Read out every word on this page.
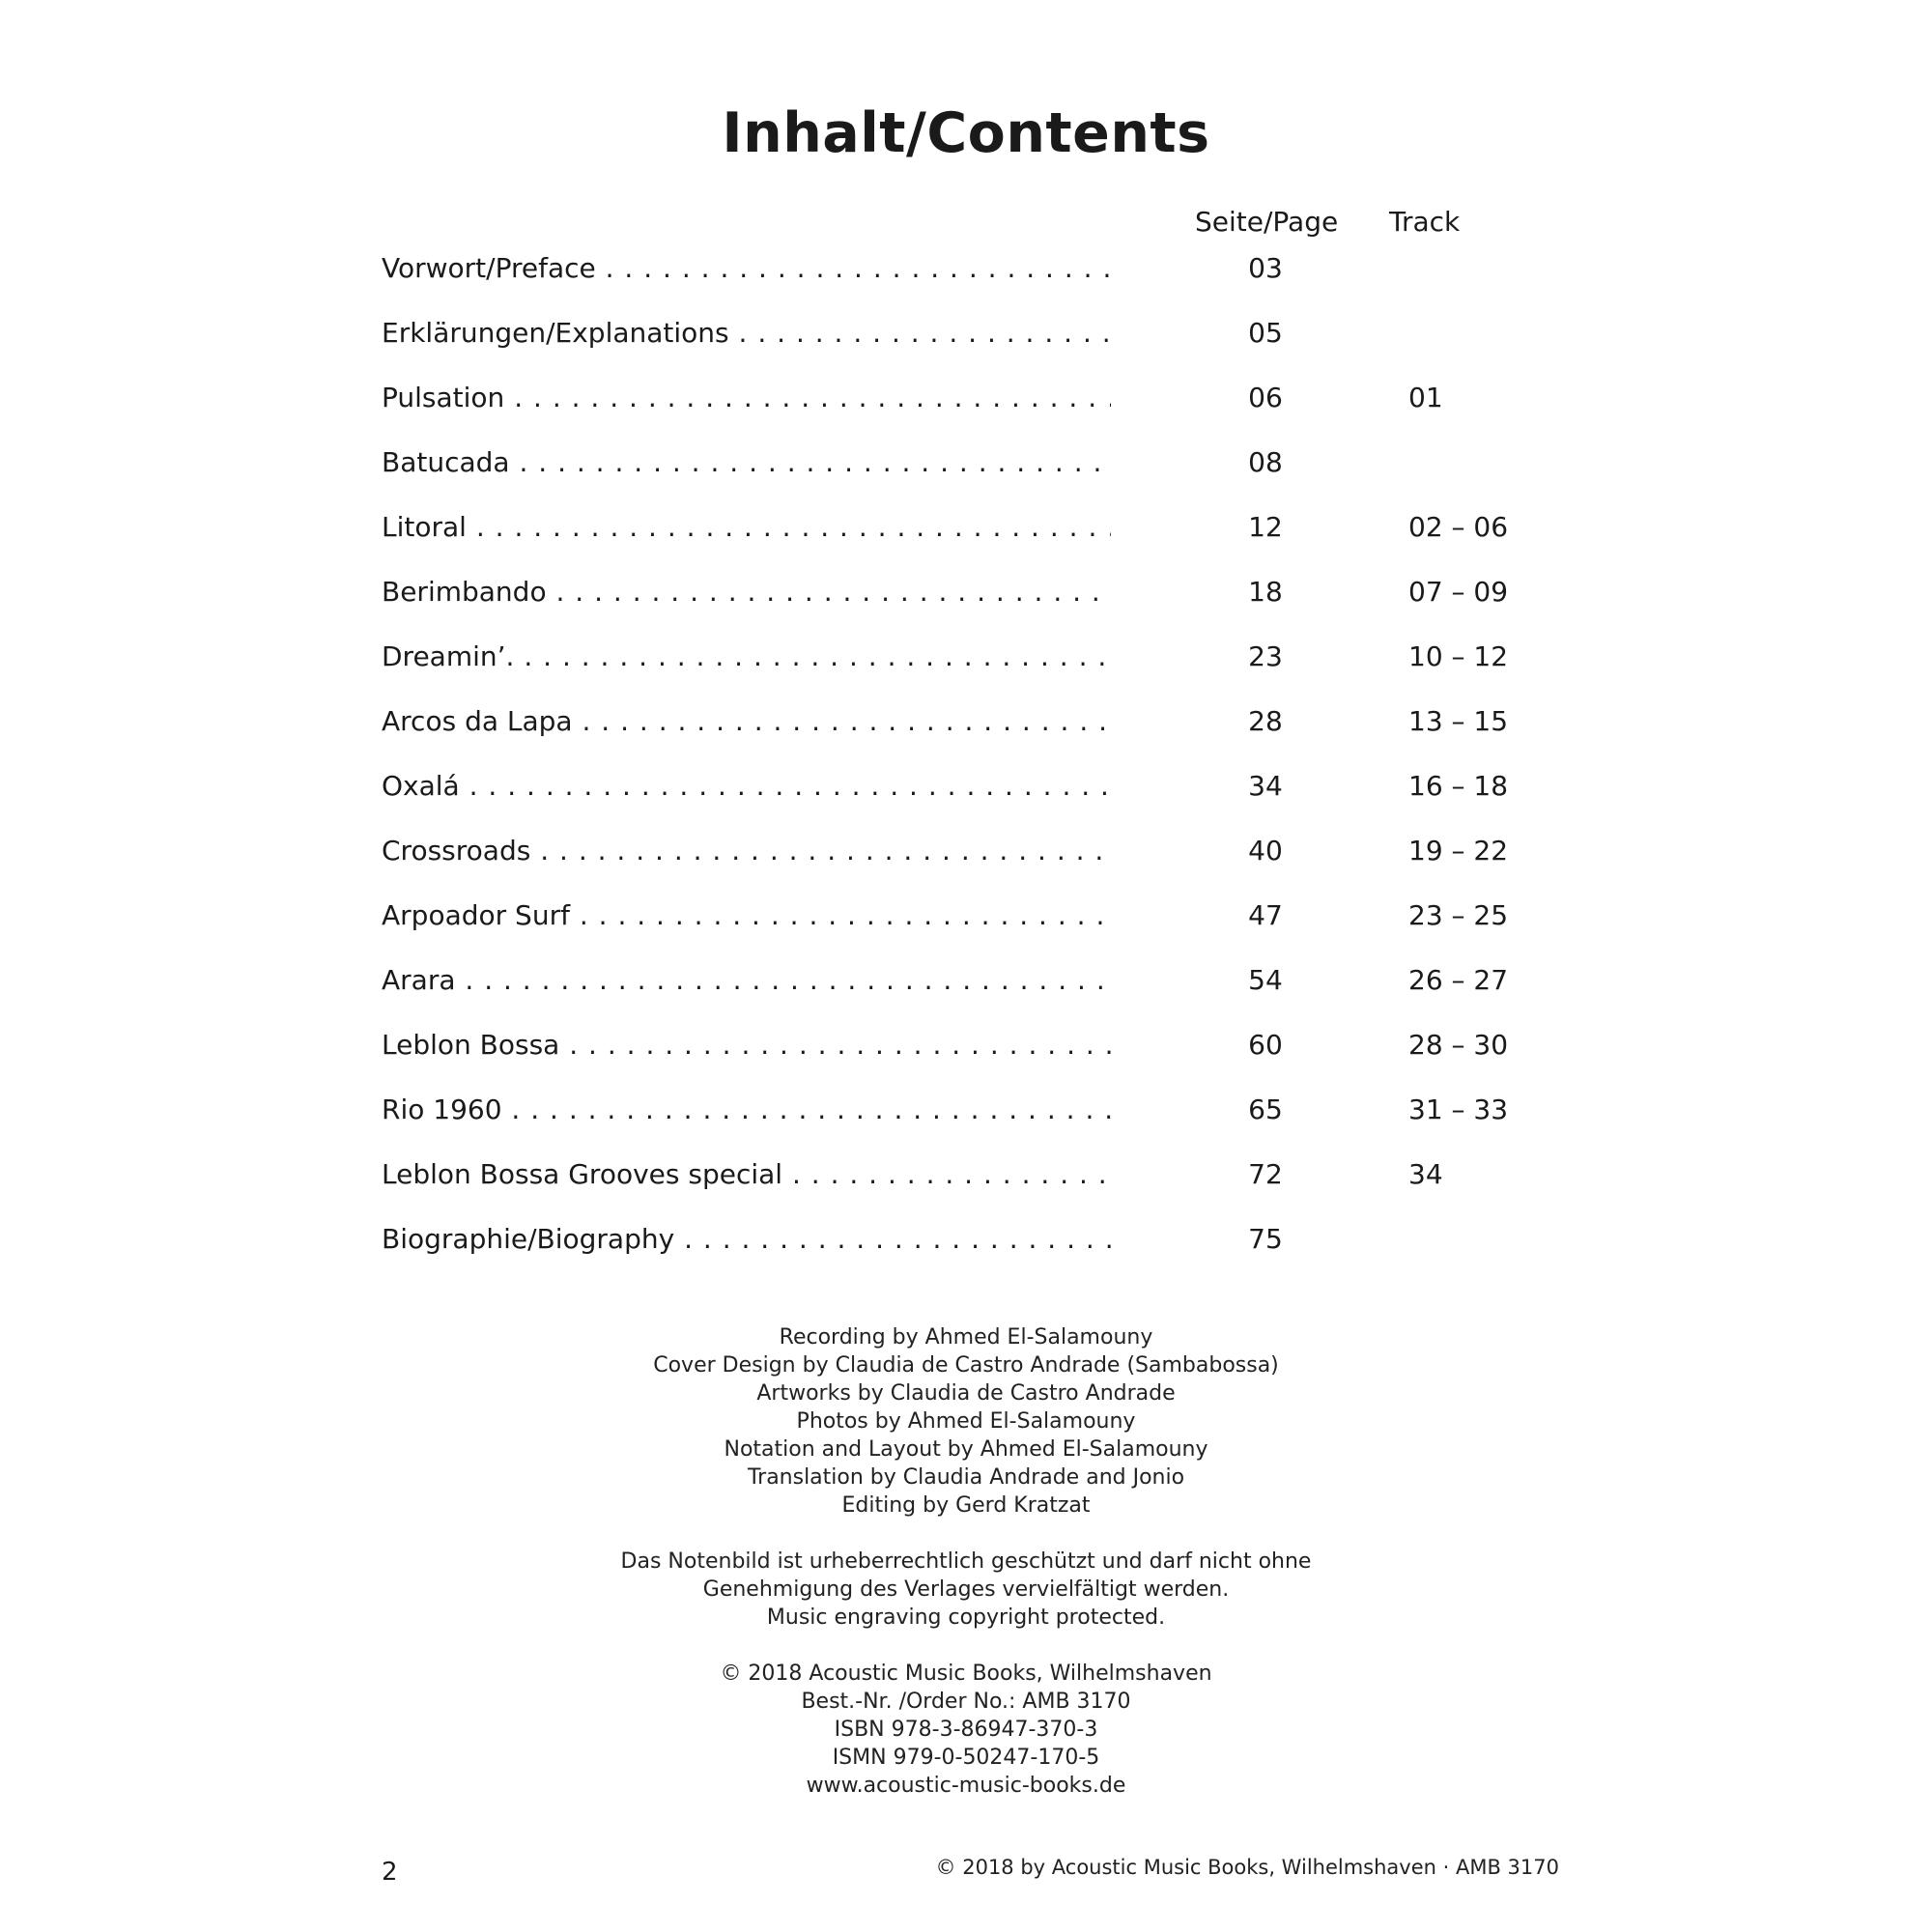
Inhalt/Contents
Seite/Page Track
Vorwort/Preface . . .	03
Erklärungen/Explanations . . .	05
Pulsation . . .	06	01
Batucada . . .	08
Litoral . . .	12	02 – 06
Berimbando . . .	18	07 – 09
Dreamin’. . . .	23	10 – 12
Arcos da Lapa . . .	28	13 – 15
Oxalá . . .	34	16 – 18
Crossroads . . .	40	19 – 22
Arpoador Surf . . .	47	23 – 25
Arara . . .	54	26 – 27
Leblon Bossa . . .	60	28 – 30
Rio 1960 . . .	65	31 – 33
Leblon Bossa Grooves special . . .	72	34
Biographie/Biography . . .	75
Recording by Ahmed El-Salamouny
Cover Design by Claudia de Castro Andrade (Sambabossa)
Artworks by Claudia de Castro Andrade
Photos by Ahmed El-Salamouny
Notation and Layout by Ahmed El-Salamouny
Translation by Claudia Andrade and Jonio
Editing by Gerd Kratzat
Das Notenbild ist urheberrechtlich geschützt und darf nicht ohne
Genehmigung des Verlages vervielfältigt werden.
Music engraving copyright protected.
© 2018 Acoustic Music Books, Wilhelmshaven
Best.-Nr. /Order No.: AMB 3170
ISBN 978-3-86947-370-3
ISMN 979-0-50247-170-5
www.acoustic-music-books.de
2	© 2018 by Acoustic Music Books, Wilhelmshaven · AMB 3170
